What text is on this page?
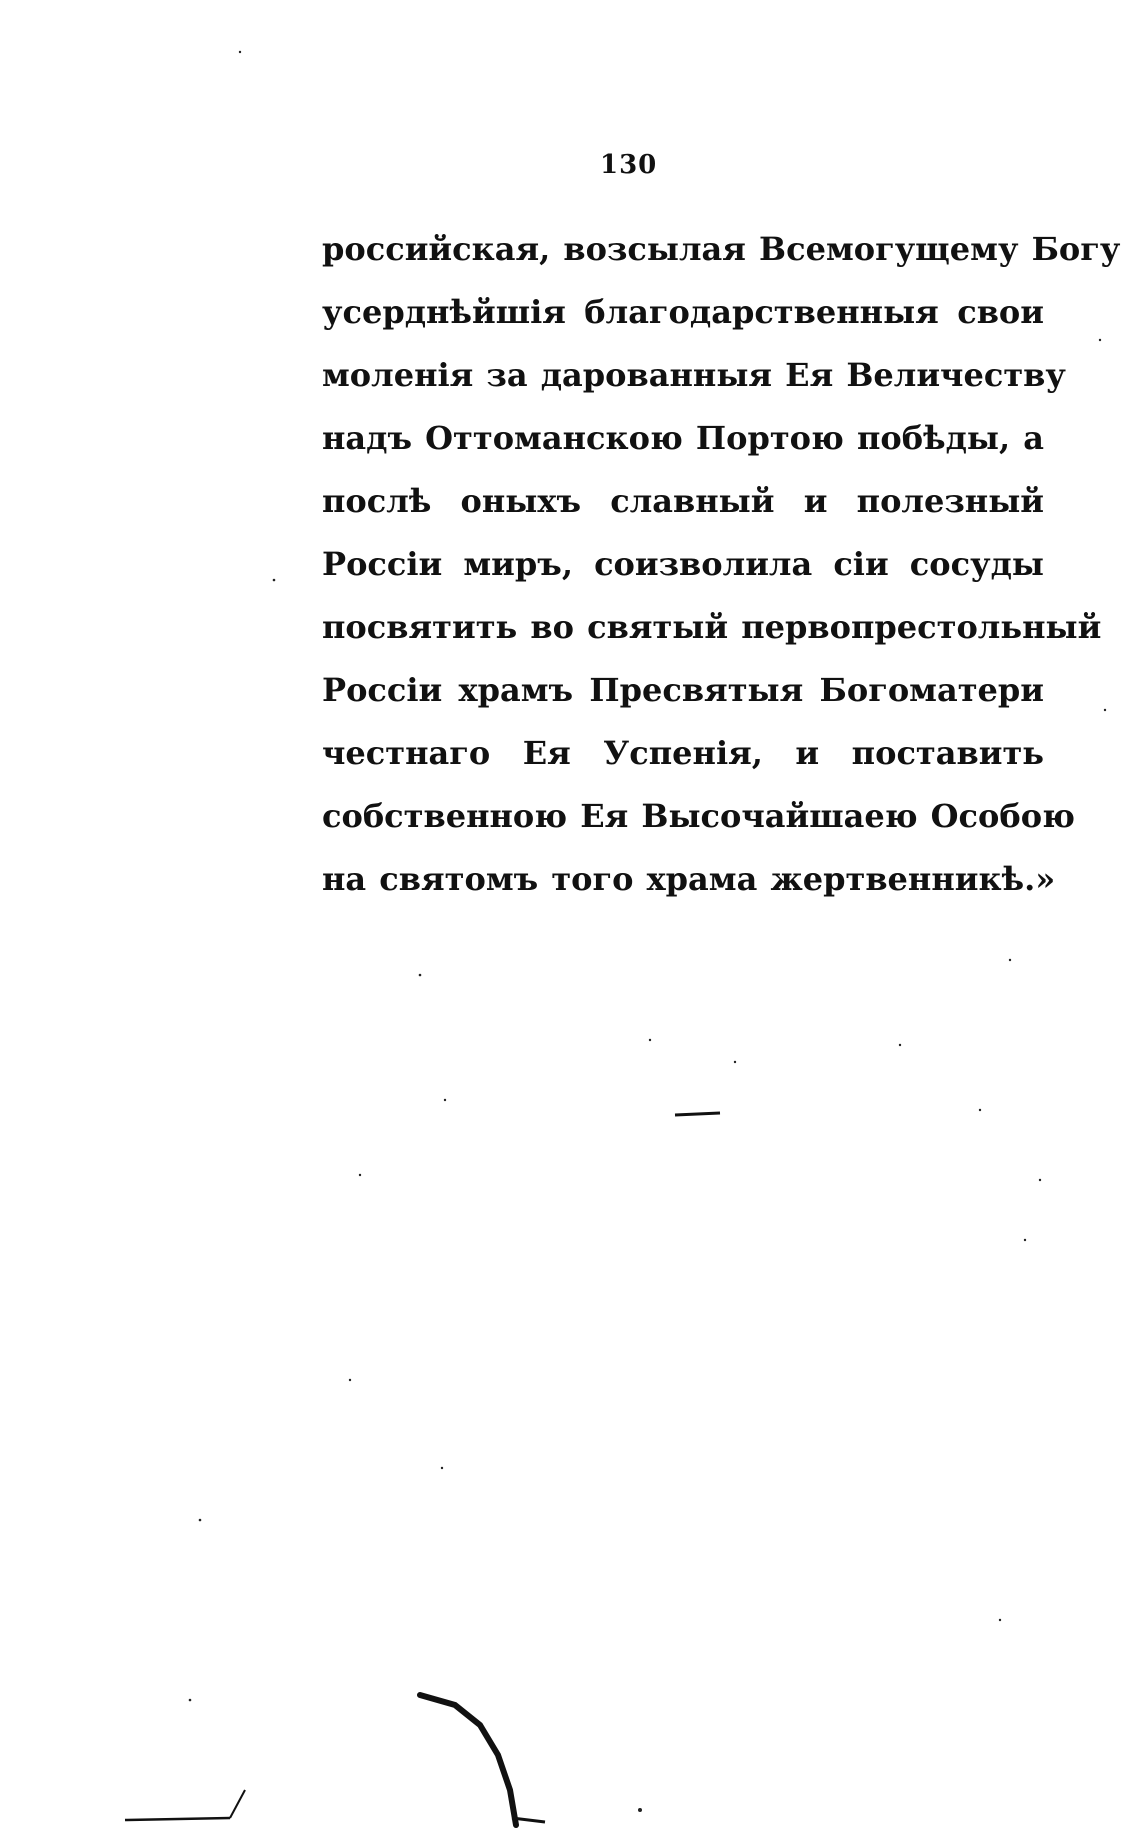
130
российская, возсылая Всемогущему Богу
усерднѣйшія благодарственныя свои
моленія за дарованныя Ея Величеству
надъ Оттоманскою Портою побѣды, а
послѣ оныхъ славный и полезный
Россіи миръ, соизволила сіи сосуды
посвятить во святый первопрестольный
Россіи храмъ Пресвятыя Богоматери
честнаго Ея Успенія, и поставить
собственною Ея Высочайшаею Особою
на святомъ того храма жертвенникѣ.»
